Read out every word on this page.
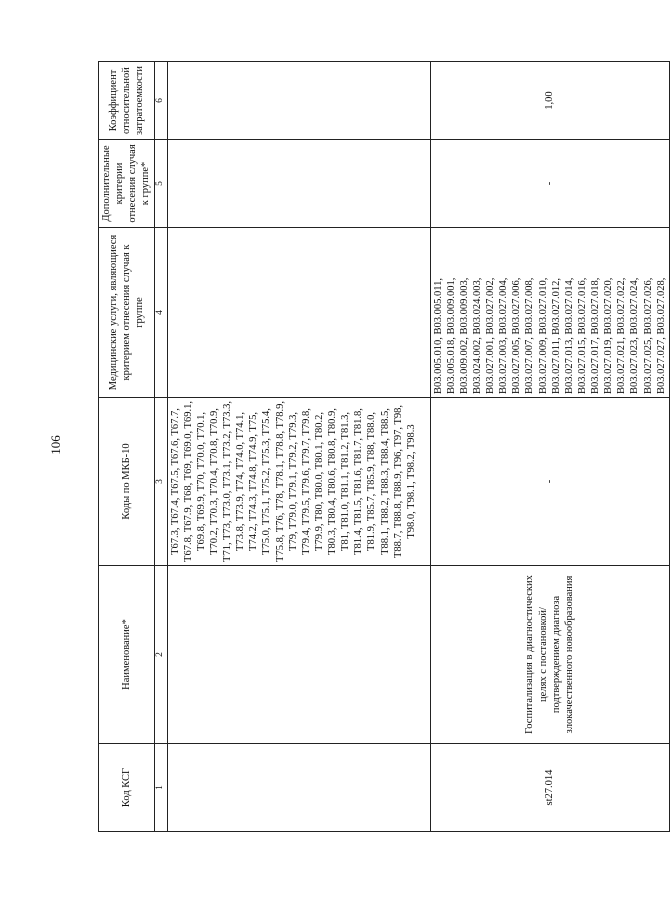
106
Код КСГ	Наименование*	Коды по МКБ-10	Медицинские услуги, являющиеся критерием отнесения случая к группе	Дополнительные критерии отнесения случая к группе*	Коэффициент относительной затратоемкости
1	2	3	4	5	6
		T67.3, T67.4, T67.5, T67.6, T67.7, T67.8, T67.9, T68, T69, T69.0, T69.1, T69.8, T69.9, T70, T70.0, T70.1, T70.2, T70.3, T70.4, T70.8, T70.9, T71, T73, T73.0, T73.1, T73.2, T73.3, T73.8, T73.9, T74, T74.0, T74.1, T74.2, T74.3, T74.8, T74.9, T75, T75.0, T75.1, T75.2, T75.3, T75.4, T75.8, T76, T78, T78.1, T78.8, T78.9, T79, T79.0, T79.1, T79.2, T79.3, T79.4, T79.5, T79.6, T79.7, T79.8, T79.9, T80, T80.0, T80.1, T80.2, T80.3, T80.4, T80.6, T80.8, T80.9, T81, T81.0, T81.1, T81.2, T81.3, T81.4, T81.5, T81.6, T81.7, T81.8, T81.9, T85.7, T85.9, T88, T88.0, T88.1, T88.2, T88.3, T88.4, T88.5, T88.7, T88.8, T88.9, T96, T97, T98, T98.0, T98.1, T98.2, T98.3			
st27.014	Госпитализация в диагностических целях с постановкой/ подтверждением диагноза злокачественного новообразования	-	B03.005.010, B03.005.011, B03.005.018, B03.009.001, B03.009.002, B03.009.003, B03.024.002, B03.024.003, B03.027.001, B03.027.002, B03.027.003, B03.027.004, B03.027.005, B03.027.006, B03.027.007, B03.027.008, B03.027.009, B03.027.010, B03.027.011, B03.027.012, B03.027.013, B03.027.014, B03.027.015, B03.027.016, B03.027.017, B03.027.018, B03.027.019, B03.027.020, B03.027.021, B03.027.022, B03.027.023, B03.027.024, B03.027.025, B03.027.026, B03.027.027, B03.027.028,	-	1,00
